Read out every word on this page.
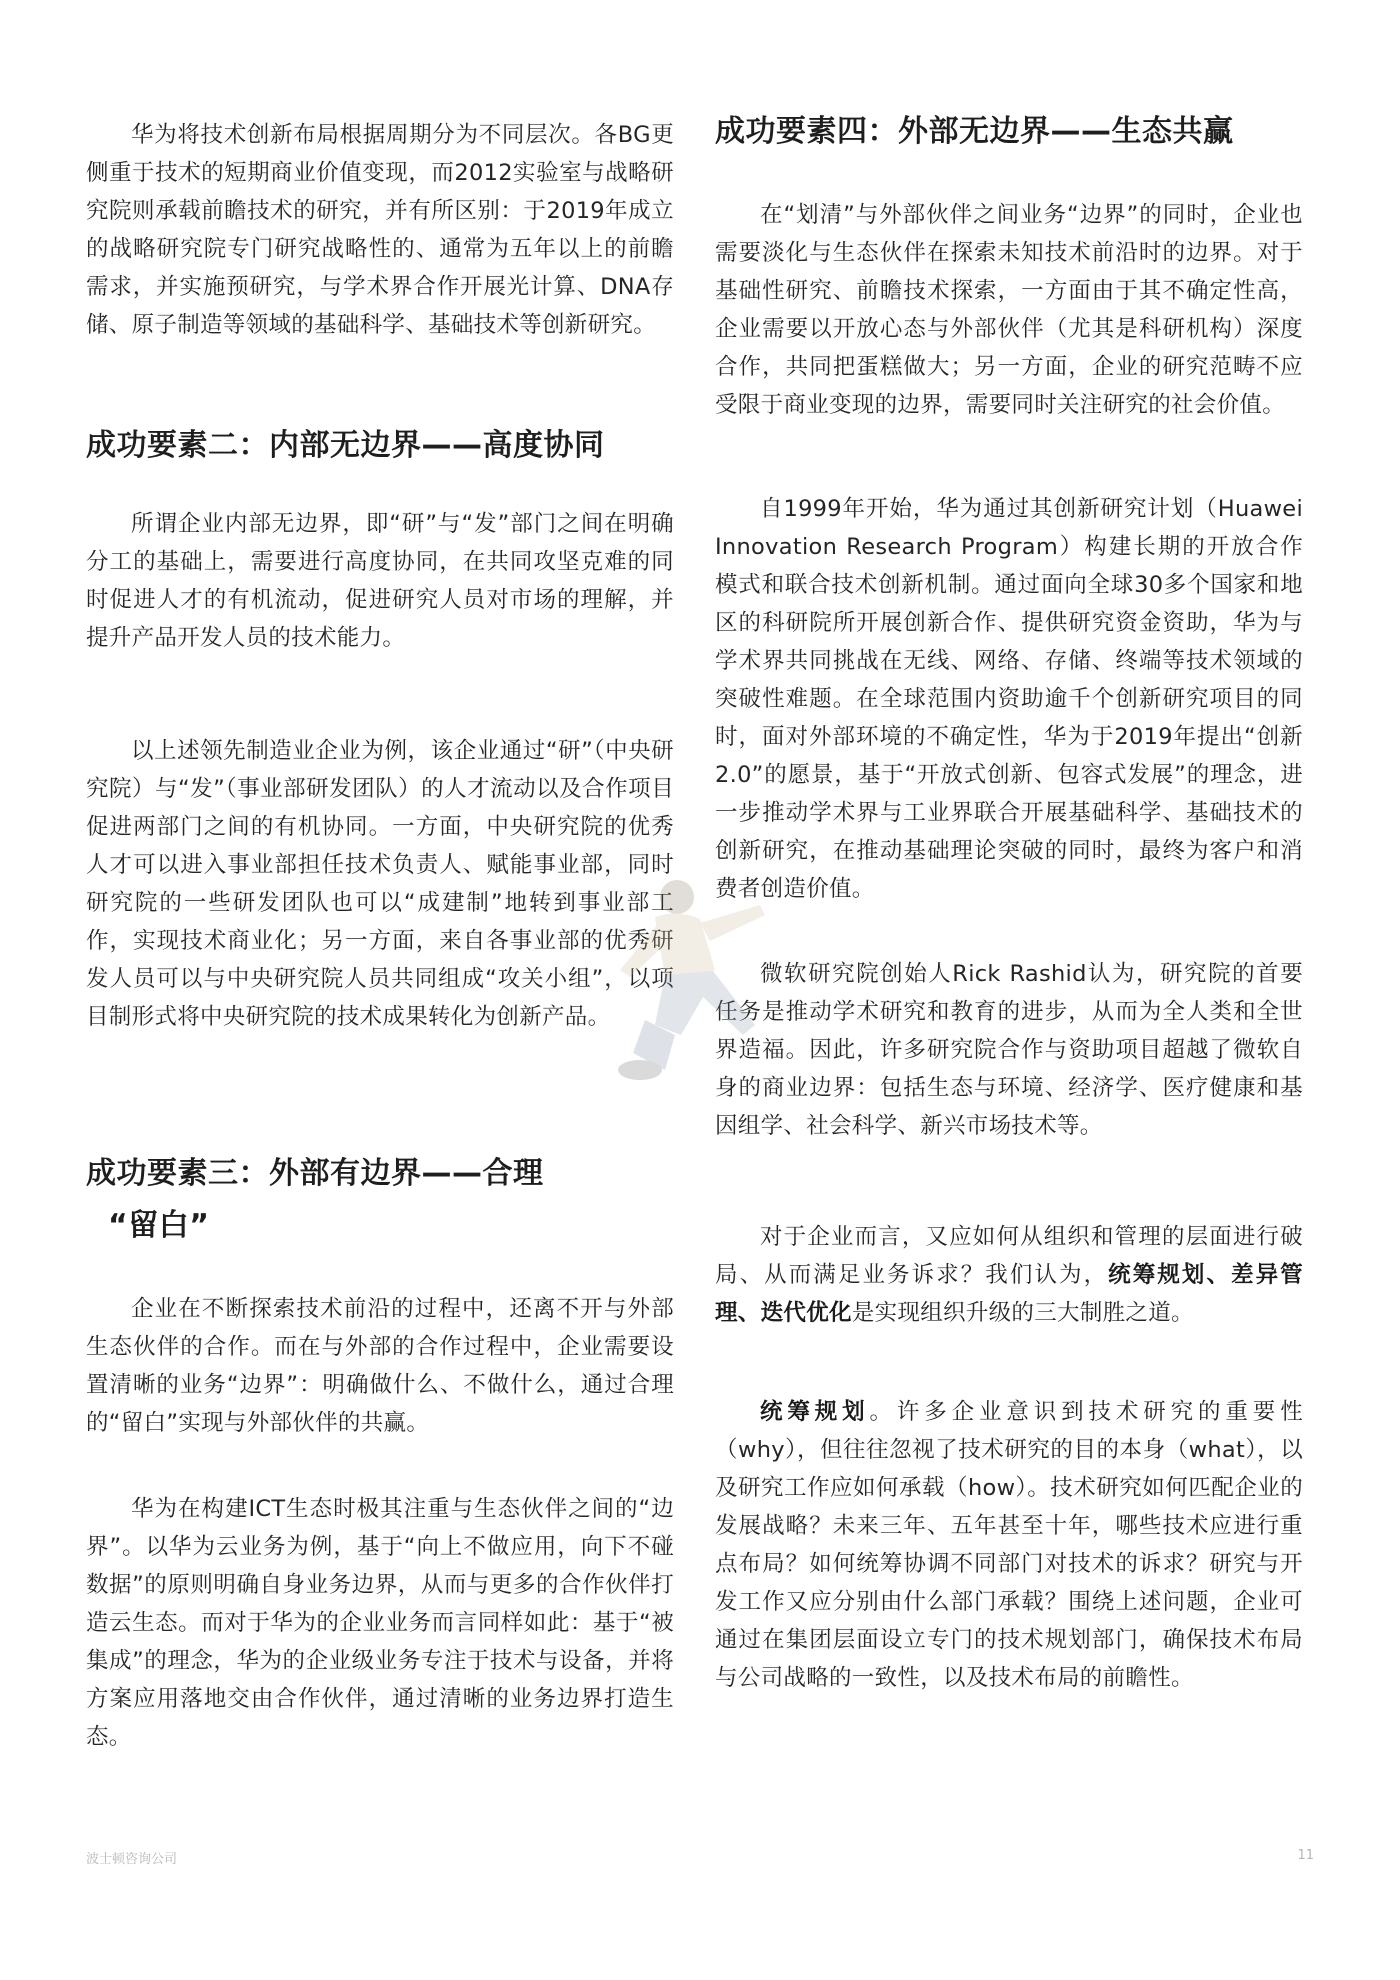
华为将技术创新布局根据周期分为不同层次。各BG更侧重于技术的短期商业价值变现，而2012实验室与战略研究院则承载前瞻技术的研究，并有所区别：于2019年成立的战略研究院专门研究战略性的、通常为五年以上的前瞻需求，并实施预研究，与学术界合作开展光计算、DNA存储、原子制造等领域的基础科学、基础技术等创新研究。

成功要素二：内部无边界——高度协同

所谓企业内部无边界，即“研”与“发”部门之间在明确分工的基础上，需要进行高度协同，在共同攻坚克难的同时促进人才的有机流动，促进研究人员对市场的理解，并提升产品开发人员的技术能力。

以上述领先制造业企业为例，该企业通过“研”（中央研究院）与“发”（事业部研发团队）的人才流动以及合作项目促进两部门之间的有机协同。一方面，中央研究院的优秀人才可以进入事业部担任技术负责人、赋能事业部，同时研究院的一些研发团队也可以“成建制”地转到事业部工作，实现技术商业化；另一方面，来自各事业部的优秀研发人员可以与中央研究院人员共同组成“攻关小组”，以项目制形式将中央研究院的技术成果转化为创新产品。

成功要素三：外部有边界——合理
“留白”

企业在不断探索技术前沿的过程中，还离不开与外部生态伙伴的合作。而在与外部的合作过程中，企业需要设置清晰的业务“边界”：明确做什么、不做什么，通过合理的“留白”实现与外部伙伴的共赢。

华为在构建ICT生态时极其注重与生态伙伴之间的“边界”。以华为云业务为例，基于“向上不做应用，向下不碰数据”的原则明确自身业务边界，从而与更多的合作伙伴打造云生态。而对于华为的企业业务而言同样如此：基于“被集成”的理念，华为的企业级业务专注于技术与设备，并将方案应用落地交由合作伙伴，通过清晰的业务边界打造生态。

成功要素四：外部无边界——生态共赢

在“划清”与外部伙伴之间业务“边界”的同时，企业也需要淡化与生态伙伴在探索未知技术前沿时的边界。对于基础性研究、前瞻技术探索，一方面由于其不确定性高，企业需要以开放心态与外部伙伴（尤其是科研机构）深度合作，共同把蛋糕做大；另一方面，企业的研究范畴不应受限于商业变现的边界，需要同时关注研究的社会价值。

自1999年开始，华为通过其创新研究计划（Huawei Innovation Research Program）构建长期的开放合作模式和联合技术创新机制。通过面向全球30多个国家和地区的科研院所开展创新合作、提供研究资金资助，华为与学术界共同挑战在无线、网络、存储、终端等技术领域的突破性难题。在全球范围内资助逾千个创新研究项目的同时，面对外部环境的不确定性，华为于2019年提出“创新2.0”的愿景，基于“开放式创新、包容式发展”的理念，进一步推动学术界与工业界联合开展基础科学、基础技术的创新研究，在推动基础理论突破的同时，最终为客户和消费者创造价值。

微软研究院创始人Rick Rashid认为，研究院的首要任务是推动学术研究和教育的进步，从而为全人类和全世界造福。因此，许多研究院合作与资助项目超越了微软自身的商业边界：包括生态与环境、经济学、医疗健康和基因组学、社会科学、新兴市场技术等。

对于企业而言，又应如何从组织和管理的层面进行破局、从而满足业务诉求？我们认为，统筹规划、差异管理、迭代优化是实现组织升级的三大制胜之道。

统筹规划。许多企业意识到技术研究的重要性（why），但往往忽视了技术研究的目的本身（what），以及研究工作应如何承载（how）。技术研究如何匹配企业的发展战略？未来三年、五年甚至十年，哪些技术应进行重点布局？如何统筹协调不同部门对技术的诉求？研究与开发工作又应分别由什么部门承载？围绕上述问题，企业可通过在集团层面设立专门的技术规划部门，确保技术布局与公司战略的一致性，以及技术布局的前瞻性。

波士顿咨询公司	11
